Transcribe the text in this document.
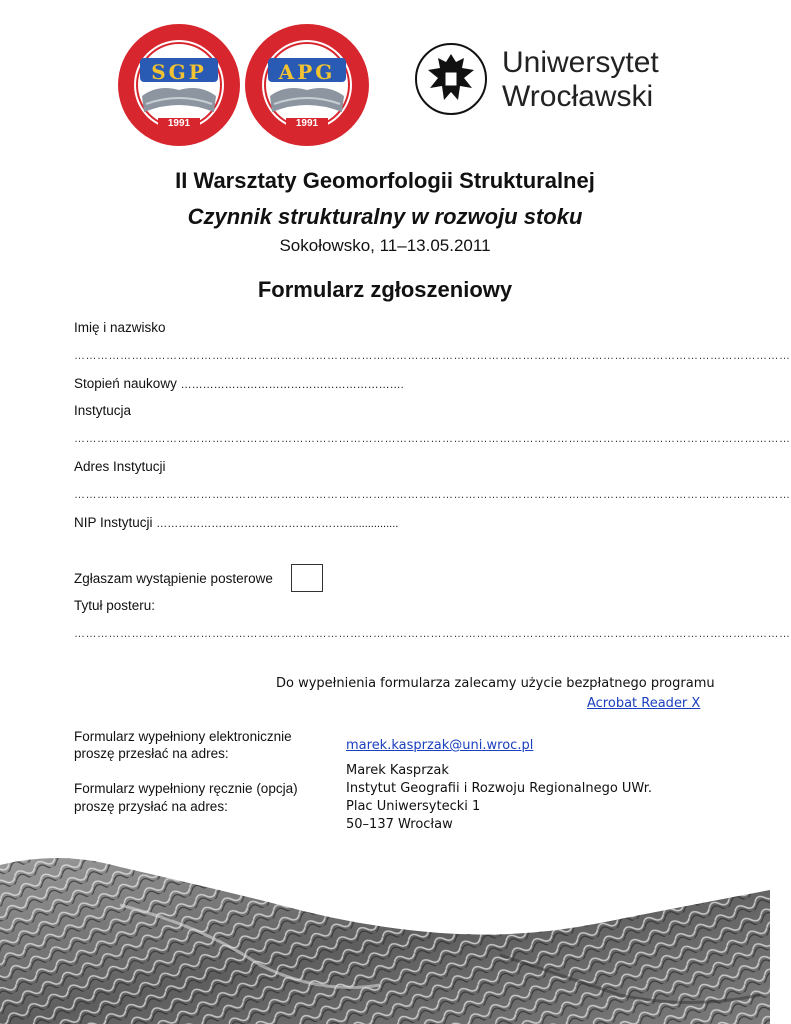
SGP
1991
APG
1991
Uniwersytet
Wrocławski
II Warsztaty Geomorfologii Strukturalnej
Czynnik strukturalny w rozwoju stoku
Sokołowsko, 11–13.05.2011
Formularz zgłoszeniowy
Imię i nazwisko
………………………………………………………………………………………………………………………………….…………………………………
Stopień naukowy …………………………………………………….
Instytucja
………………………………………………………………………………………………………………………………….…………………………………
Adres Instytucji
………………………………………………………………………………………………………………………………….…………………………………
NIP Instytucji ……………………………………………..................
Zgłaszam wystąpienie posterowe
Tytuł posteru:
………………………………………………………………………………………………………………………………….…………………………………
Do wypełnienia formularza zalecamy użycie bezpłatnego programu
Acrobat Reader X
Formularz wypełniony elektronicznie
proszę przesłać na adres:
marek.kasprzak@uni.wroc.pl
Formularz wypełniony ręcznie (opcja)
proszę przysłać na adres:
Marek Kasprzak
Instytut Geografii i Rozwoju Regionalnego UWr.
Plac Uniwersytecki 1
50–137 Wrocław
